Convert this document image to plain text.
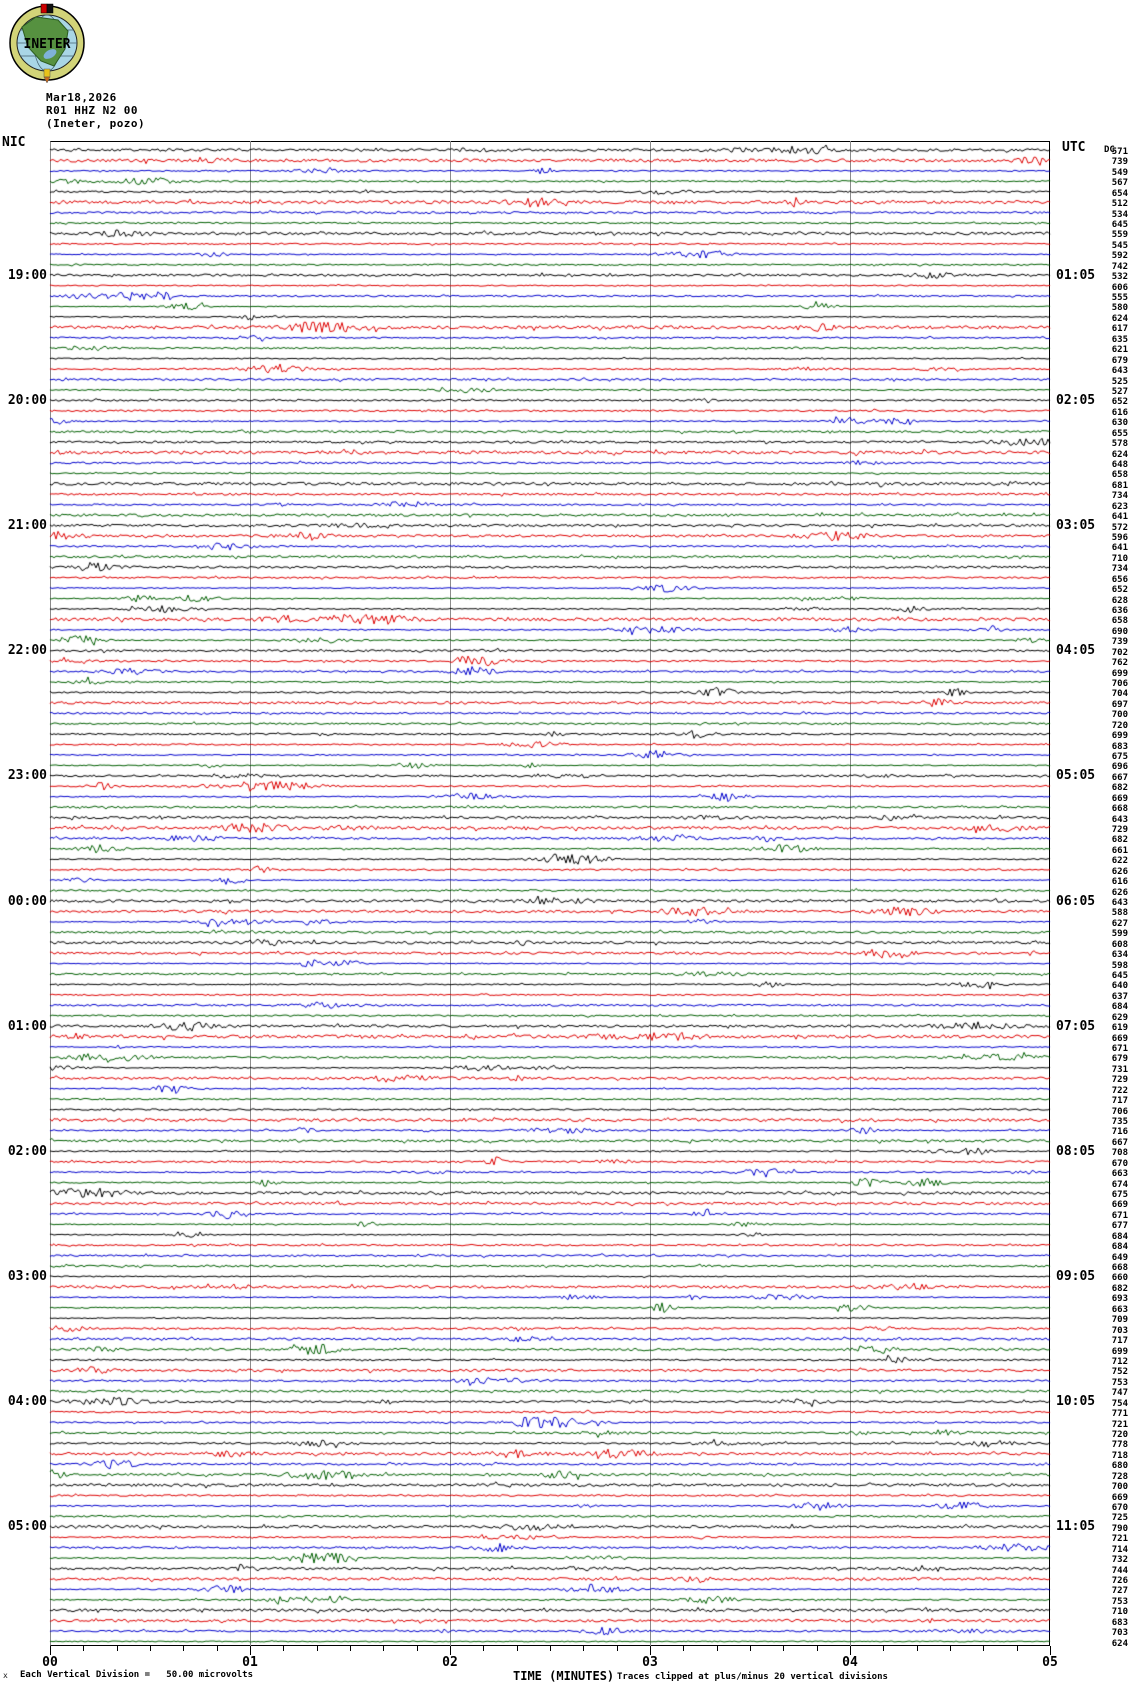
00	01	02	03	04	05
19:00	01:05
20:00	02:05
21:00	03:05
22:00	04:05
23:00	05:05
00:00	06:05
01:00	07:05
02:00	08:05
03:00	09:05
04:00	10:05
05:00	11:05
571
739
549
567
654
512
534
645
559
545
592
742
532
606
555
580
624
617
635
621
679
643
525
527
652
616
630
655
578
624
648
658
681
734
623
641
572
596
641
710
734
656
652
628
636
658
690
739
702
762
699
706
704
697
700
720
699
683
675
696
667
682
669
668
643
729
682
661
622
626
616
626
643
588
627
599
608
634
598
645
640
637
684
629
619
669
671
679
731
729
722
717
706
735
716
667
708
670
663
674
675
669
671
677
684
684
649
668
660
682
693
663
709
703
717
699
712
752
753
747
754
771
721
720
778
718
680
728
700
669
670
725
790
721
714
732
744
726
727
753
710
683
703
624
